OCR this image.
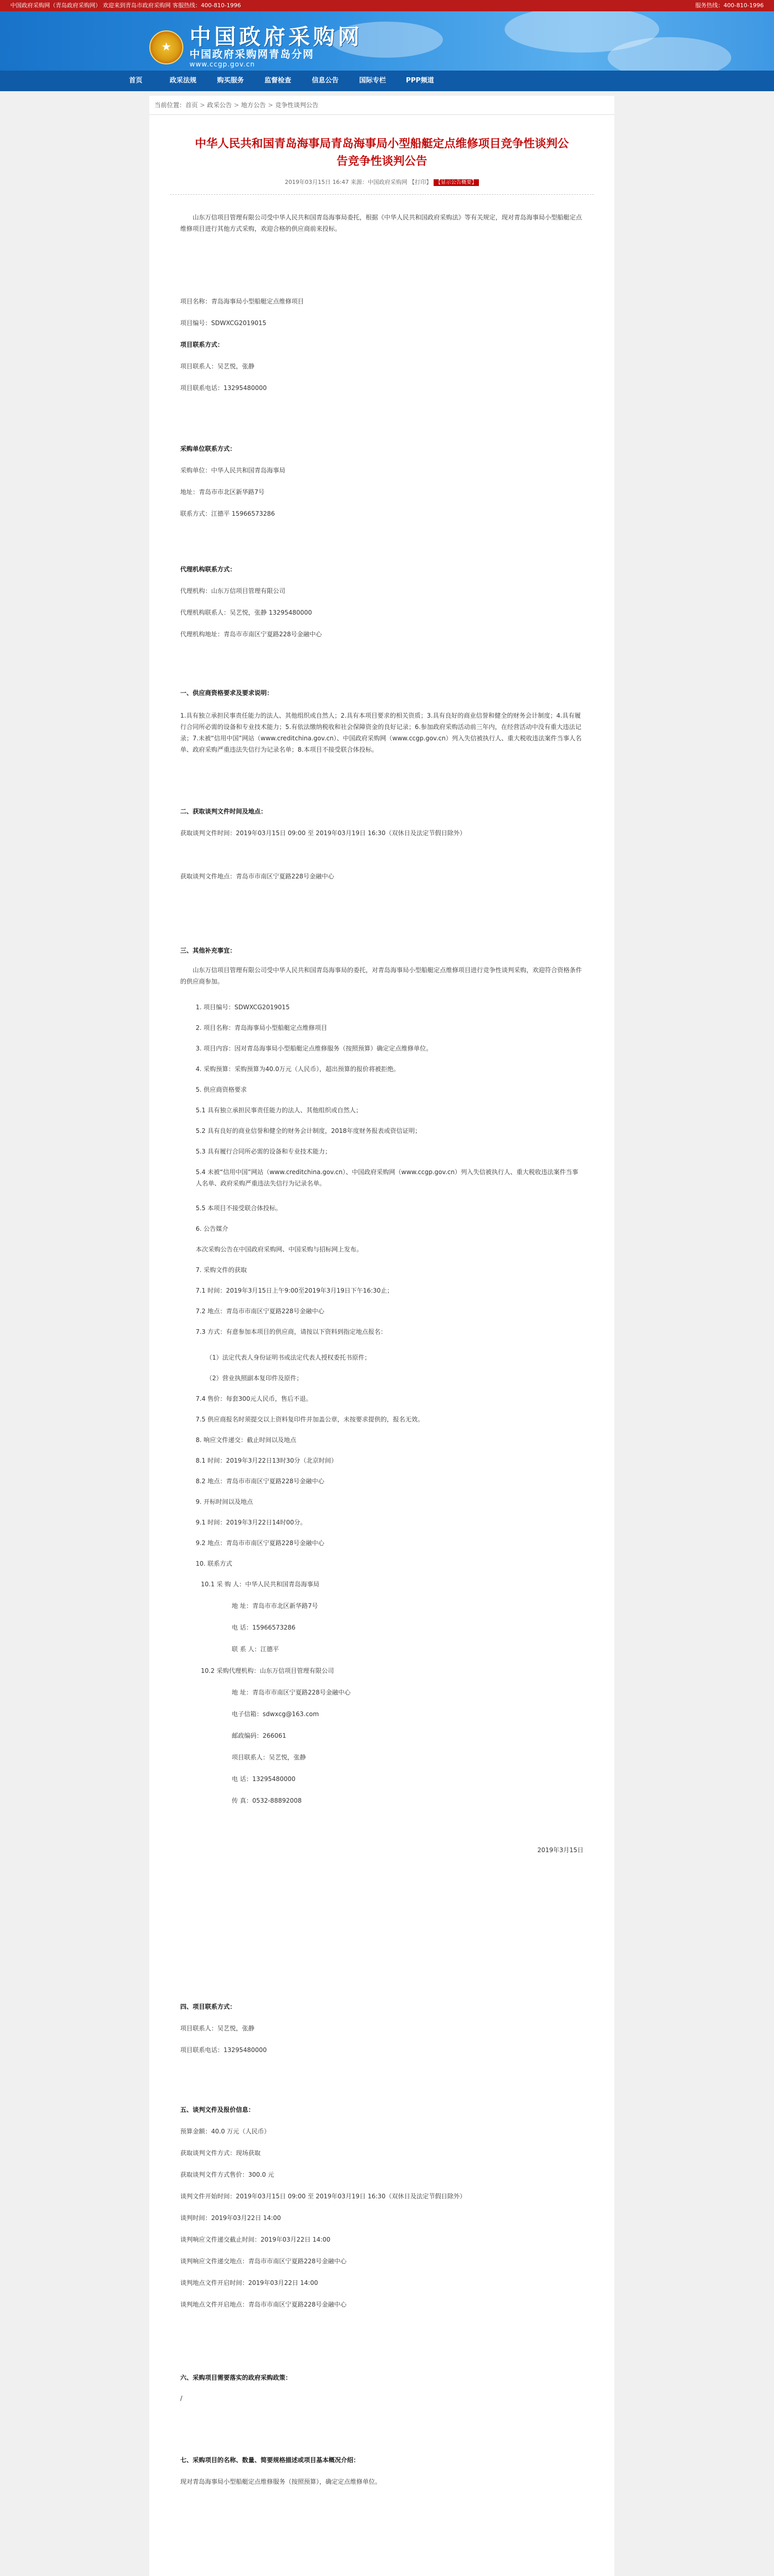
中国政府采购网（青岛政府采购网） 欢迎来到青岛市政府采购网 客服热线：400-810-1996	服务热线：400-810-1996
★ 中国政府采购网
中国政府采购网青岛分网
www.ccgp.gov.cn
首页	政采法规	购买服务	监督检查	信息公告	国际专栏	PPP频道
当前位置：首页 > 政采公告 > 地方公告 > 竞争性谈判公告
中华人民共和国青岛海事局青岛海事局小型船艇定点维修项目竞争性谈判公告竞争性谈判公告
2019年03月15日 16:47 来源：中国政府采购网 【打印】 【显示公告概要】
山东万信项目管理有限公司受中华人民共和国青岛海事局委托，根据《中华人民共和国政府采购法》等有关规定，现对青岛海事局小型船艇定点维修项目进行其他方式采购，欢迎合格的供应商前来投标。
项目名称：青岛海事局小型船艇定点维修项目
项目编号：SDWXCG2019015
项目联系方式：
项目联系人：吴艺悦，张静
项目联系电话：13295480000
采购单位联系方式：
采购单位：中华人民共和国青岛海事局
地址：青岛市市北区新华路7号
联系方式：江德平 15966573286
代理机构联系方式：
代理机构：山东万信项目管理有限公司
代理机构联系人：吴艺悦，张静 13295480000
代理机构地址：青岛市市南区宁夏路228号金融中心
一、供应商资格要求及要求说明：
1.具有独立承担民事责任能力的法人、其他组织或自然人；2.具有本项目要求的相关资质；3.具有良好的商业信誉和健全的财务会计制度；4.具有履行合同所必需的设备和专业技术能力；5.有依法缴纳税收和社会保障资金的良好记录；6.参加政府采购活动前三年内，在经营活动中没有重大违法记录；7.未被“信用中国”网站（www.creditchina.gov.cn）、中国政府采购网（www.ccgp.gov.cn）列入失信被执行人、重大税收违法案件当事人名单、政府采购严重违法失信行为记录名单；8.本项目不接受联合体投标。
二、获取谈判文件时间及地点：
获取谈判文件时间：2019年03月15日 09:00 至 2019年03月19日 16:30（双休日及法定节假日除外）
获取谈判文件地点：青岛市市南区宁夏路228号金融中心
三、其他补充事宜：
山东万信项目管理有限公司受中华人民共和国青岛海事局的委托，对青岛海事局小型船艇定点维修项目进行竞争性谈判采购，欢迎符合资格条件的供应商参加。
1. 项目编号：SDWXCG2019015
2. 项目名称：青岛海事局小型船艇定点维修项目
3. 项目内容：因对青岛海事局小型船艇定点维修服务（按照预算）确定定点维修单位。
4. 采购预算：采购预算为40.0万元（人民币），超出预算的报价将被拒绝。
5. 供应商资格要求
5.1 具有独立承担民事责任能力的法人、其他组织或自然人；
5.2 具有良好的商业信誉和健全的财务会计制度，2018年度财务报表或资信证明；
5.3 具有履行合同所必需的设备和专业技术能力；
5.4 未被“信用中国”网站（www.creditchina.gov.cn）、中国政府采购网（www.ccgp.gov.cn）列入失信被执行人、重大税收违法案件当事人名单、政府采购严重违法失信行为记录名单。
5.5 本项目不接受联合体投标。
6. 公告媒介
本次采购公告在中国政府采购网、中国采购与招标网上发布。
7. 采购文件的获取
7.1 时间：2019年3月15日上午9:00至2019年3月19日下午16:30止；
7.2 地点：青岛市市南区宁夏路228号金融中心
7.3 方式：有意参加本项目的供应商，请按以下资料到指定地点报名：
（1）法定代表人身份证明书或法定代表人授权委托书原件；
（2）营业执照副本复印件及原件；
7.4 售价：每套300元人民币，售后不退。
7.5 供应商报名时须提交以上资料复印件并加盖公章，未按要求提供的，报名无效。
8. 响应文件递交：截止时间以及地点
8.1 时间：2019年3月22日13时30分（北京时间）
8.2 地点：青岛市市南区宁夏路228号金融中心
9. 开标时间以及地点
9.1 时间：2019年3月22日14时00分。
9.2 地点：青岛市市南区宁夏路228号金融中心
10. 联系方式
10.1 采 购 人：中华人民共和国青岛海事局
地 址：青岛市市北区新华路7号
电 话：15966573286
联 系 人：江德平
10.2 采购代理机构：山东万信项目管理有限公司
地 址：青岛市市南区宁夏路228号金融中心
电子信箱：sdwxcg@163.com
邮政编码：266061
项目联系人：吴艺悦，张静
电 话：13295480000
传 真：0532-88892008
2019年3月15日
四、项目联系方式：
项目联系人：吴艺悦，张静
项目联系电话：13295480000
五、谈判文件及报价信息：
预算金额：40.0 万元（人民币）
获取谈判文件方式：现场获取
获取谈判文件方式售价：300.0 元
谈判文件开始时间：2019年03月15日 09:00 至 2019年03月19日 16:30（双休日及法定节假日除外）
谈判时间：2019年03月22日 14:00
谈判响应文件递交截止时间：2019年03月22日 14:00
谈判响应文件递交地点：青岛市市南区宁夏路228号金融中心
谈判地点文件开启时间：2019年03月22日 14:00
谈判地点文件开启地点：青岛市市南区宁夏路228号金融中心
六、采购项目需要落实的政府采购政策：
/
七、采购项目的名称、数量、简要规格描述或项目基本概况介绍：
现对青岛海事局小型船艇定点维修服务（按照预算），确定定点维修单位。
